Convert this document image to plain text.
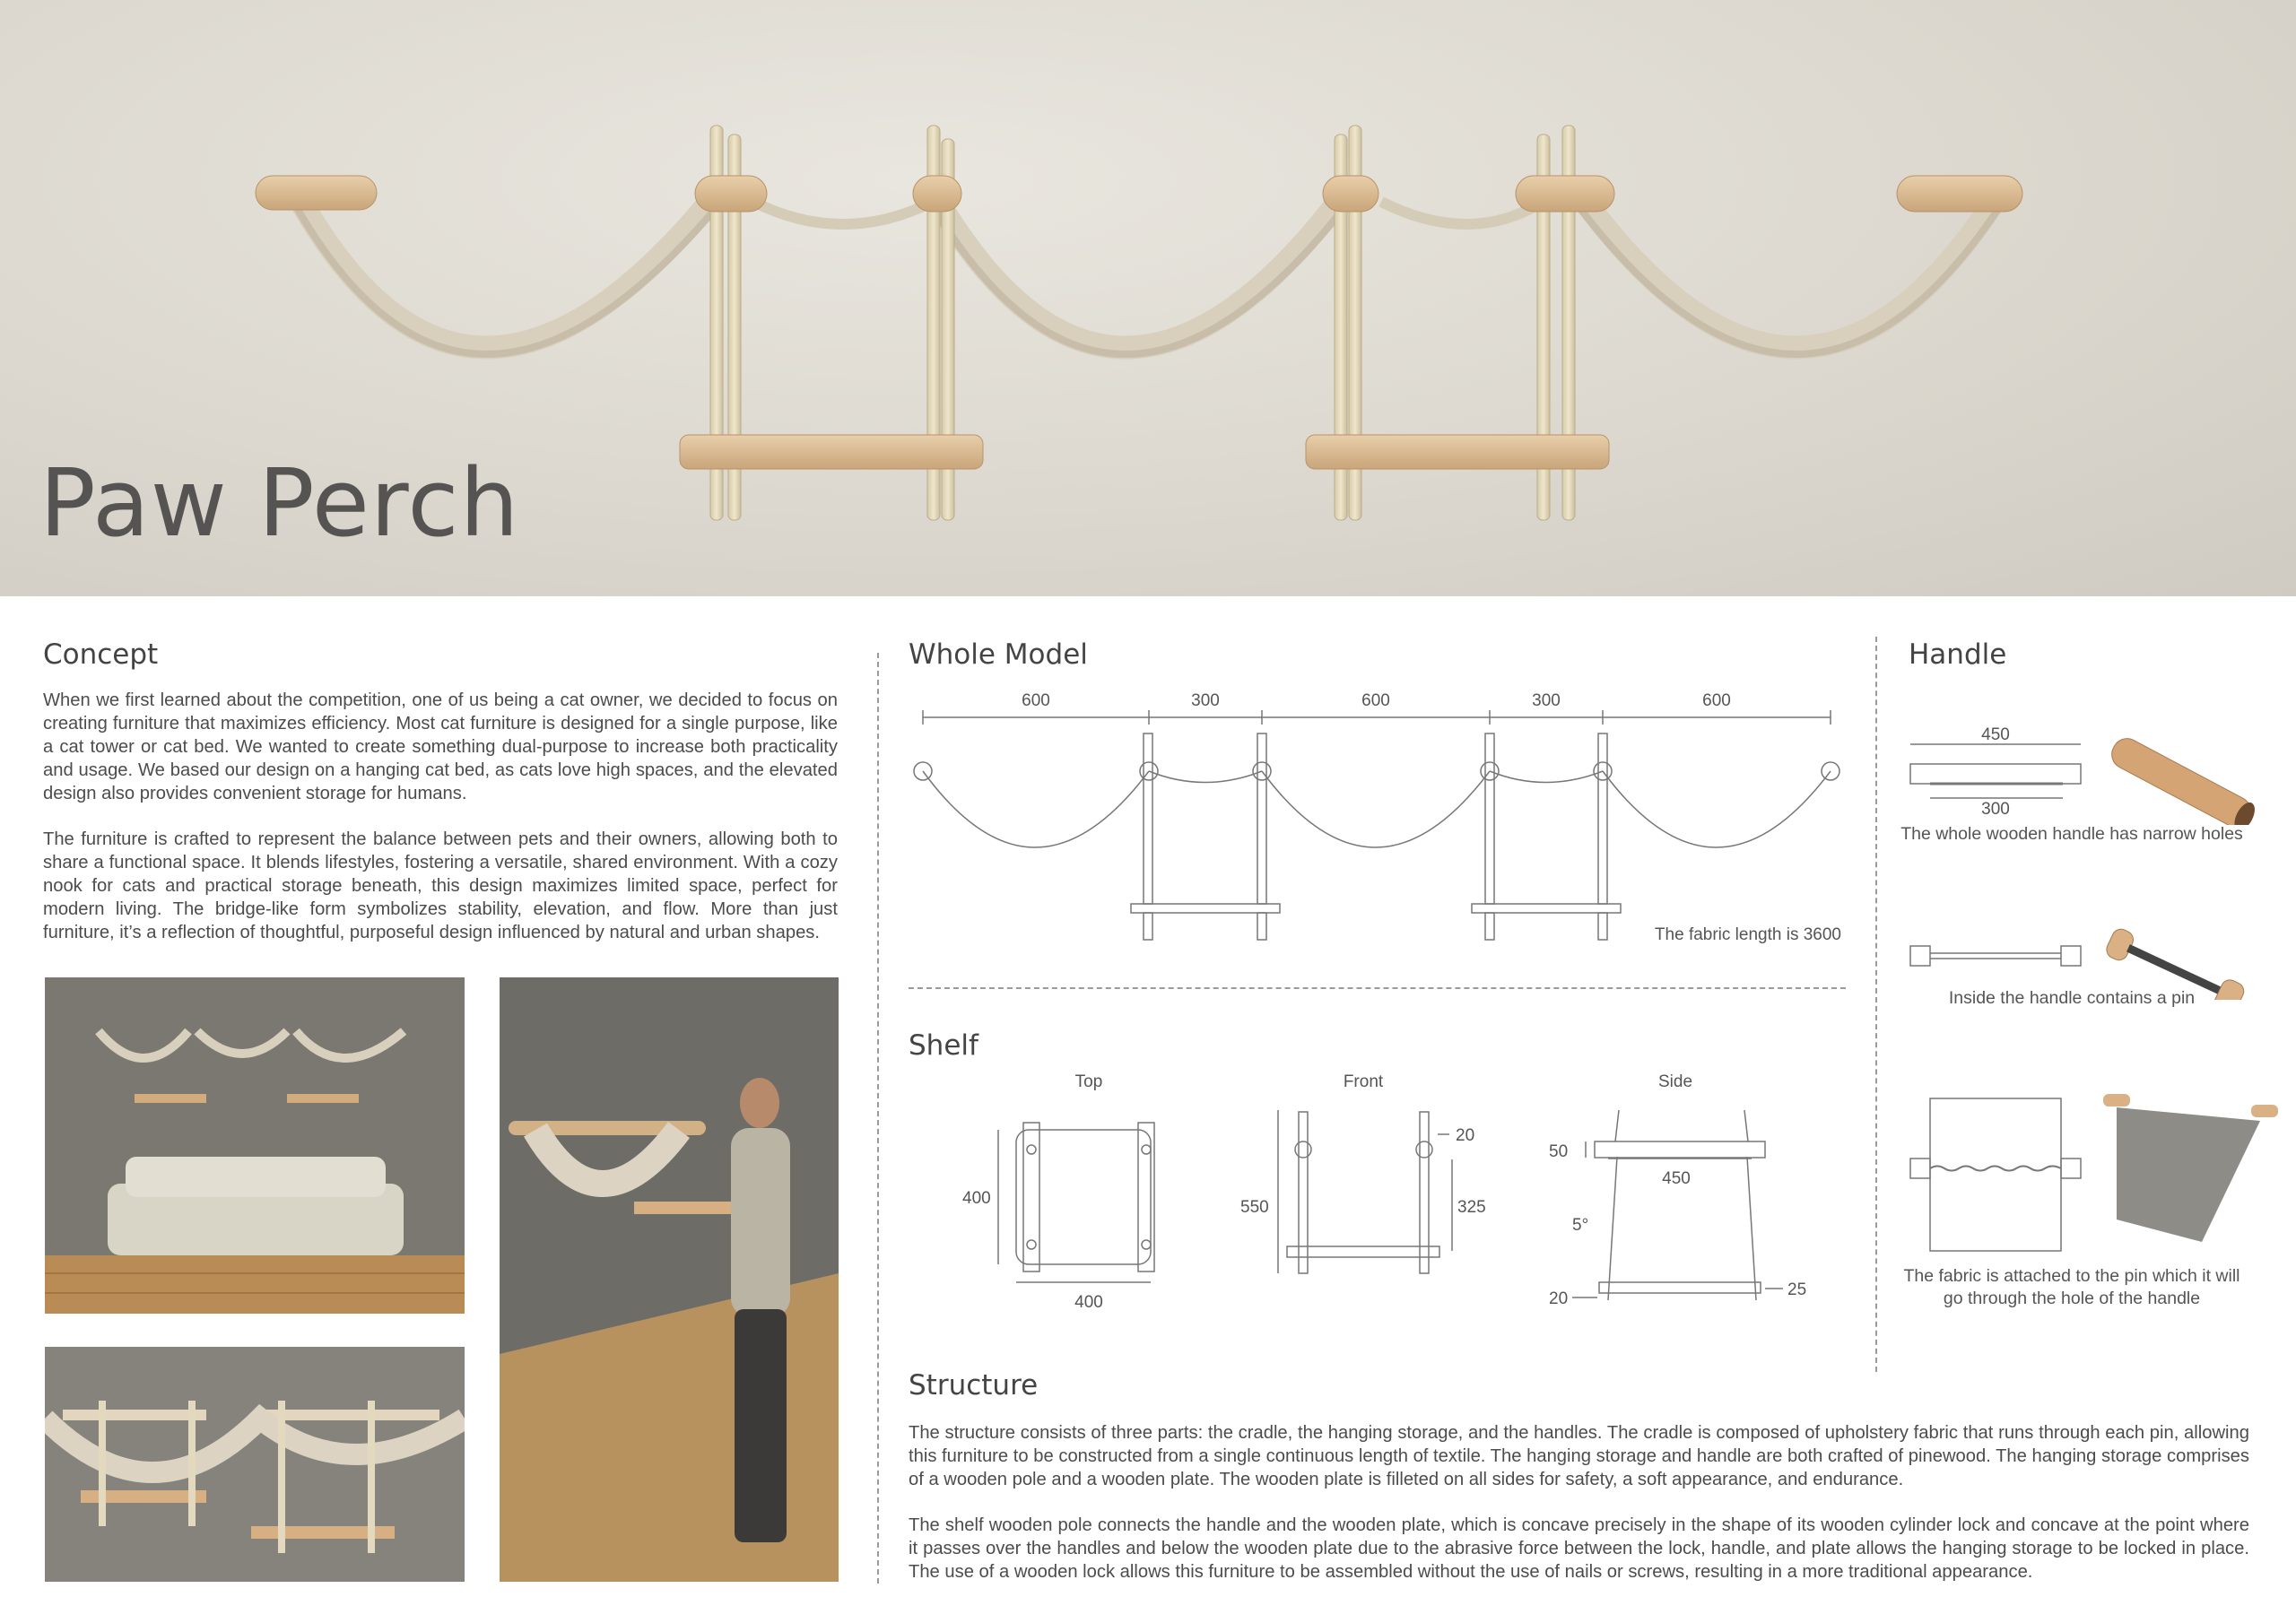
Paw Perch
Concept

When we first learned about the competition, one of us being a cat owner, we decided to focus on creating furniture that maximizes efficiency. Most cat furniture is designed for a single purpose, like a cat tower or cat bed. We wanted to create something dual-purpose to increase both practicality and usage. We based our design on a hanging cat bed, as cats love high spaces, and the elevated design also provides convenient storage for humans.

The furniture is crafted to represent the balance between pets and their owners, allowing both to share a functional space. It blends lifestyles, fostering a versatile, shared environment. With a cozy nook for cats and practical storage beneath, this design maximizes limited space, perfect for modern living. The bridge-like form symbolizes stability, elevation, and flow. More than just furniture, it’s a reflection of thoughtful, purposeful design influenced by natural and urban shapes.

Whole Model
600	300	600	300	600
The fabric length is 3600
Shelf
Top	Front	Side
400
400
550	325
20
50
450
5°
20	25
Structure

The structure consists of three parts: the cradle, the hanging storage, and the handles. The cradle is composed of upholstery fabric that runs through each pin, allowing this furniture to be constructed from a single continuous length of textile. The hanging storage and handle are both crafted of pinewood. The hanging storage comprises of a wooden pole and a wooden plate. The wooden plate is filleted on all sides for safety, a soft appearance, and endurance.

The shelf wooden pole connects the handle and the wooden plate, which is concave precisely in the shape of its wooden cylinder lock and concave at the point where it passes over the handles and below the wooden plate due to the abrasive force between the lock, handle, and plate allows the hanging storage to be locked in place. The use of a wooden lock allows this furniture to be assembled without the use of nails or screws, resulting in a more traditional appearance.

Handle
450
300
The whole wooden handle has narrow holes
Inside the handle contains a pin
The fabric is attached to the pin which it will go through the hole of the handle
